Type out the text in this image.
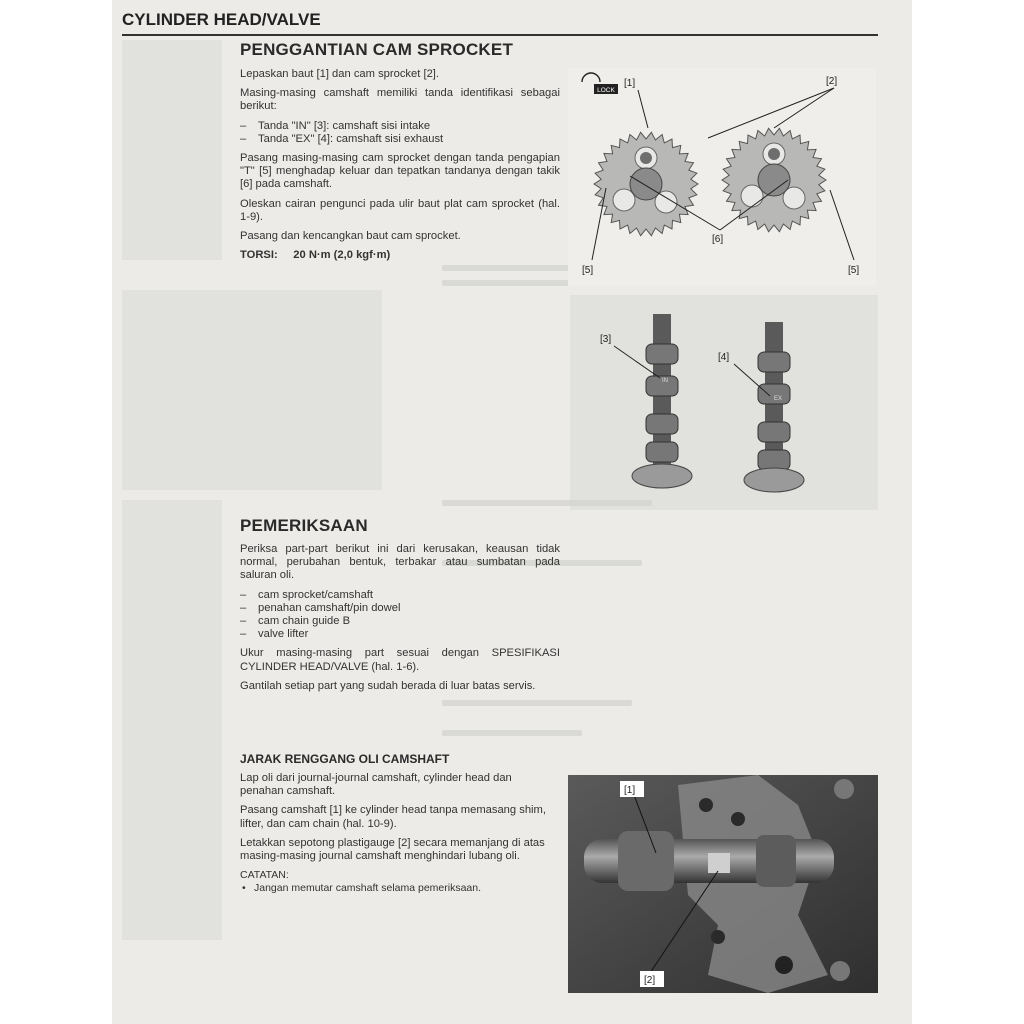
CYLINDER HEAD/VALVE
PENGGANTIAN CAM SPROCKET

Lepaskan baut [1] dan cam sprocket [2].

Masing-masing camshaft memiliki tanda identifikasi sebagai berikut:

– Tanda "IN" [3]: camshaft sisi intake
– Tanda "EX" [4]: camshaft sisi exhaust

Pasang masing-masing cam sprocket dengan tanda pengapian "T" [5] menghadap keluar dan tepatkan tandanya dengan takik [6] pada camshaft.

Oleskan cairan pengunci pada ulir baut plat cam sprocket (hal. 1-9).

Pasang dan kencangkan baut cam sprocket.

TORSI: 20 N·m (2,0 kgf·m)

LOCK
[1]	[2]
[6]
[5]	[5]
[3]
[4]
IN
EX
PEMERIKSAAN

Periksa part-part berikut ini dari kerusakan, keausan tidak normal, perubahan bentuk, terbakar atau sumbatan pada saluran oli.

– cam sprocket/camshaft
– penahan camshaft/pin dowel
– cam chain guide B
– valve lifter

Ukur masing-masing part sesuai dengan SPESIFIKASI CYLINDER HEAD/VALVE (hal. 1-6).

Gantilah setiap part yang sudah berada di luar batas servis.

JARAK RENGGANG OLI CAMSHAFT

Lap oli dari journal-journal camshaft, cylinder head dan penahan camshaft.

Pasang camshaft [1] ke cylinder head tanpa memasang shim, lifter, dan cam chain (hal. 10-9).

Letakkan sepotong plastigauge [2] secara memanjang di atas masing-masing journal camshaft menghindari lubang oli.

CATATAN:
• Jangan memutar camshaft selama pemeriksaan.
[1]
[2]
